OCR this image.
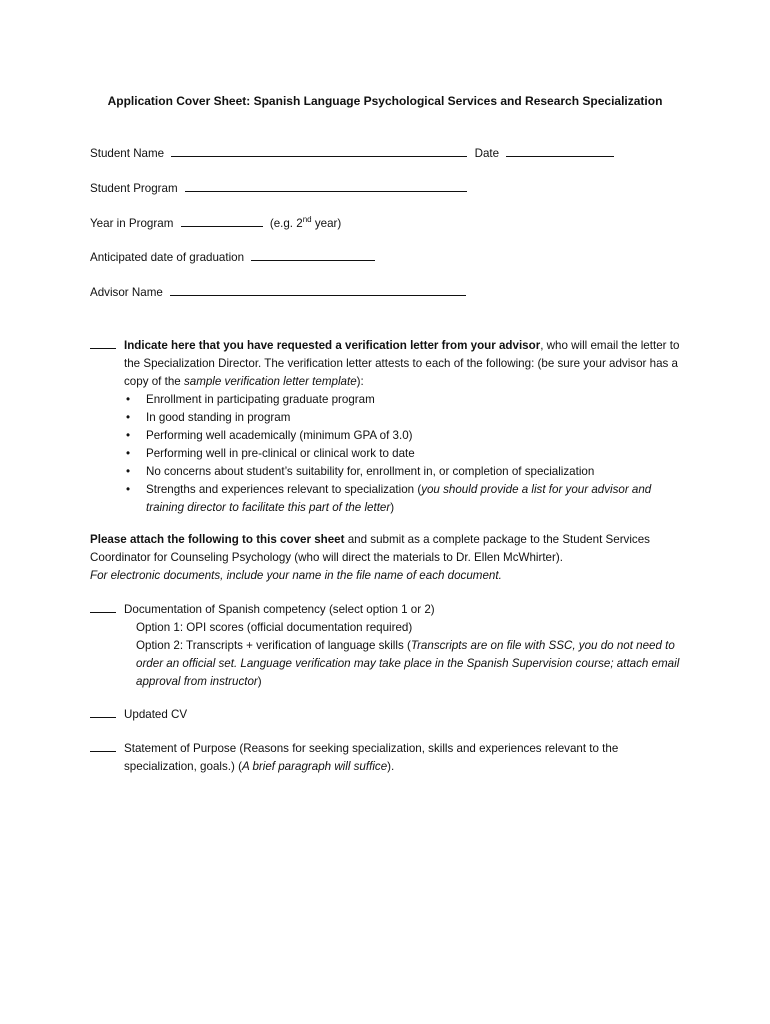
Application Cover Sheet: Spanish Language Psychological Services and Research Specialization
Student Name	Date
Student Program
Year in Program	(e.g. 2nd year)
Anticipated date of graduation
Advisor Name
Indicate here that you have requested a verification letter from your advisor, who will email the letter to the Specialization Director. The verification letter attests to each of the following: (be sure your advisor has a copy of the sample verification letter template):
• Enrollment in participating graduate program
• In good standing in program
• Performing well academically (minimum GPA of 3.0)
• Performing well in pre-clinical or clinical work to date
• No concerns about student’s suitability for, enrollment in, or completion of specialization
• Strengths and experiences relevant to specialization (you should provide a list for your advisor and training director to facilitate this part of the letter)
Please attach the following to this cover sheet and submit as a complete package to the Student Services Coordinator for Counseling Psychology (who will direct the materials to Dr. Ellen McWhirter).
For electronic documents, include your name in the file name of each document.
Documentation of Spanish competency (select option 1 or 2)
Option 1: OPI scores (official documentation required)
Option 2: Transcripts + verification of language skills (Transcripts are on file with SSC, you do not need to order an official set. Language verification may take place in the Spanish Supervision course; attach email approval from instructor)
Updated CV
Statement of Purpose (Reasons for seeking specialization, skills and experiences relevant to the specialization, goals.) (A brief paragraph will suffice).
